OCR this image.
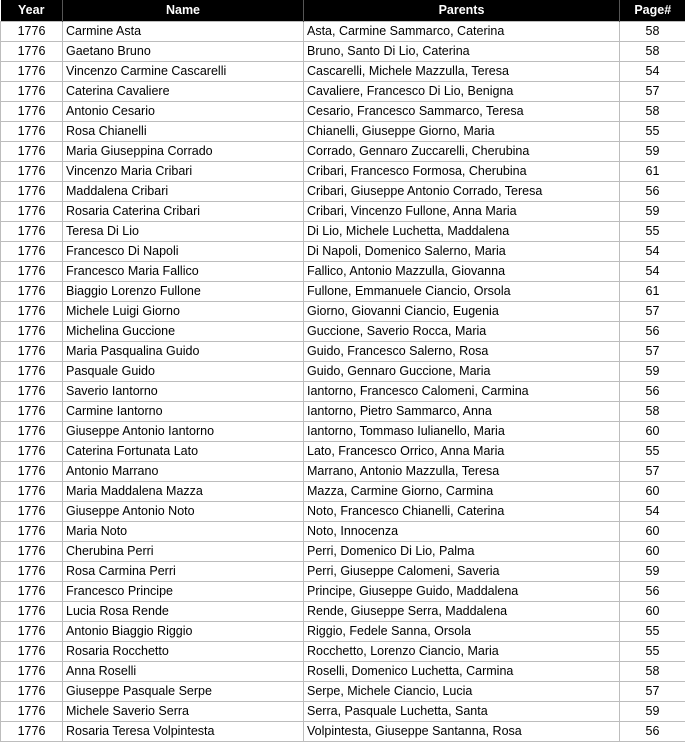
Year	Name	Parents	Page#
1776	Carmine Asta	Asta, Carmine Sammarco, Caterina	58
1776	Gaetano Bruno	Bruno, Santo Di Lio, Caterina	58
1776	Vincenzo Carmine Cascarelli	Cascarelli, Michele Mazzulla, Teresa	54
1776	Caterina Cavaliere	Cavaliere, Francesco Di Lio, Benigna	57
1776	Antonio Cesario	Cesario, Francesco Sammarco, Teresa	58
1776	Rosa Chianelli	Chianelli, Giuseppe Giorno, Maria	55
1776	Maria Giuseppina Corrado	Corrado, Gennaro Zuccarelli, Cherubina	59
1776	Vincenzo Maria Cribari	Cribari, Francesco Formosa, Cherubina	61
1776	Maddalena Cribari	Cribari, Giuseppe Antonio Corrado, Teresa	56
1776	Rosaria Caterina Cribari	Cribari, Vincenzo Fullone, Anna Maria	59
1776	Teresa Di Lio	Di Lio, Michele Luchetta, Maddalena	55
1776	Francesco Di Napoli	Di Napoli, Domenico Salerno, Maria	54
1776	Francesco Maria Fallico	Fallico, Antonio Mazzulla, Giovanna	54
1776	Biaggio Lorenzo Fullone	Fullone, Emmanuele Ciancio, Orsola	61
1776	Michele Luigi Giorno	Giorno, Giovanni Ciancio, Eugenia	57
1776	Michelina Guccione	Guccione, Saverio Rocca, Maria	56
1776	Maria Pasqualina Guido	Guido, Francesco Salerno, Rosa	57
1776	Pasquale Guido	Guido, Gennaro Guccione, Maria	59
1776	Saverio Iantorno	Iantorno, Francesco Calomeni, Carmina	56
1776	Carmine Iantorno	Iantorno, Pietro Sammarco, Anna	58
1776	Giuseppe Antonio Iantorno	Iantorno, Tommaso Iulianello, Maria	60
1776	Caterina Fortunata Lato	Lato, Francesco Orrico, Anna Maria	55
1776	Antonio Marrano	Marrano, Antonio Mazzulla, Teresa	57
1776	Maria Maddalena Mazza	Mazza, Carmine Giorno, Carmina	60
1776	Giuseppe Antonio Noto	Noto, Francesco Chianelli, Caterina	54
1776	Maria Noto	Noto, Innocenza	60
1776	Cherubina Perri	Perri, Domenico Di Lio, Palma	60
1776	Rosa Carmina Perri	Perri, Giuseppe Calomeni, Saveria	59
1776	Francesco Principe	Principe, Giuseppe Guido, Maddalena	56
1776	Lucia Rosa Rende	Rende, Giuseppe Serra, Maddalena	60
1776	Antonio Biaggio Riggio	Riggio, Fedele Sanna, Orsola	55
1776	Rosaria Rocchetto	Rocchetto, Lorenzo Ciancio, Maria	55
1776	Anna Roselli	Roselli, Domenico Luchetta, Carmina	58
1776	Giuseppe Pasquale Serpe	Serpe, Michele Ciancio, Lucia	57
1776	Michele Saverio Serra	Serra, Pasquale Luchetta, Santa	59
1776	Rosaria Teresa Volpintesta	Volpintesta, Giuseppe Santanna, Rosa	56
